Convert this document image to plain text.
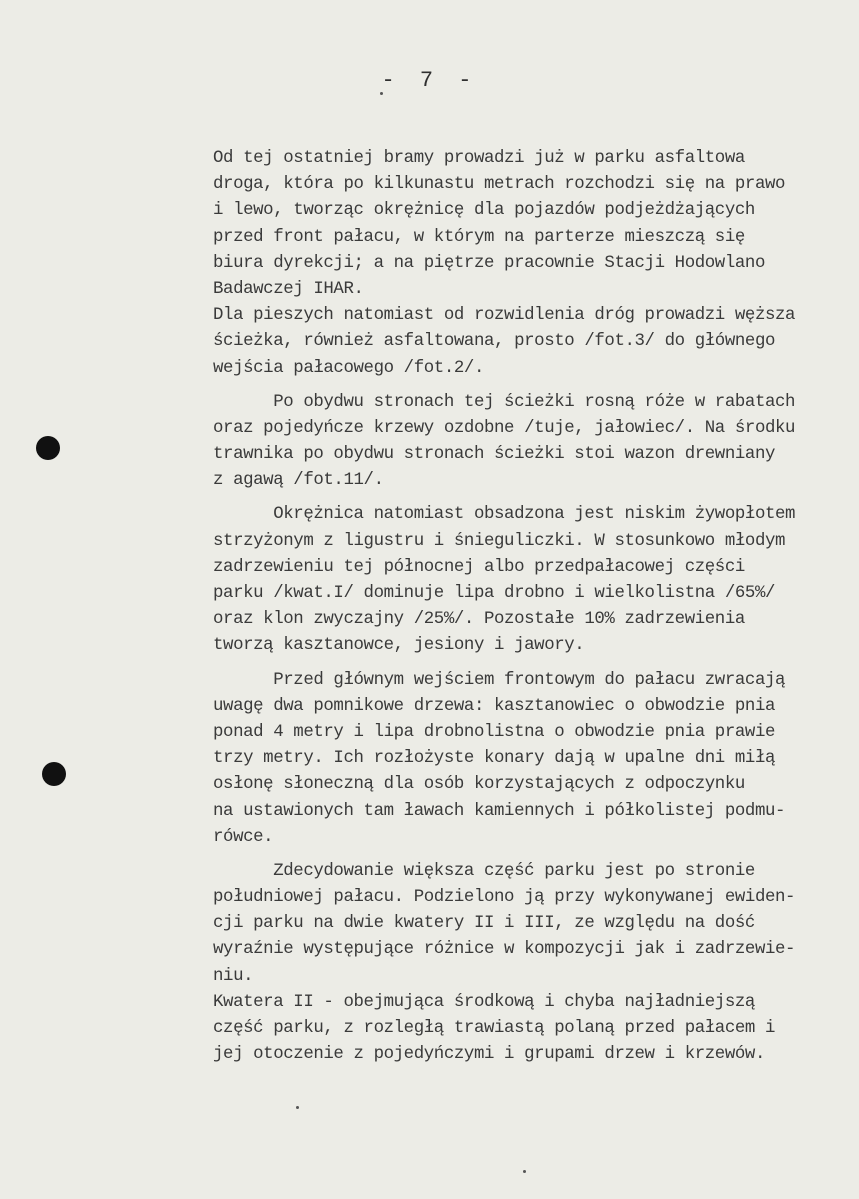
- 7 -
Od tej ostatniej bramy prowadzi już w parku asfaltowa
droga, która po kilkunastu metrach rozchodzi się na prawo
i lewo, tworząc okrężnicę dla pojazdów podjeżdżających
przed front pałacu, w którym na parterze mieszczą się
biura dyrekcji; a na piętrze pracownie Stacji Hodowlano
Badawczej IHAR.
Dla pieszych natomiast od rozwidlenia dróg prowadzi węższa
ścieżka, również asfaltowana, prosto /fot.3/ do głównego
wejścia pałacowego /fot.2/.
Po obydwu stronach tej ścieżki rosną róże w rabatach
oraz pojedyńcze krzewy ozdobne /tuje, jałowiec/. Na środku
trawnika po obydwu stronach ścieżki stoi wazon drewniany
z agawą /fot.11/.
Okrężnica natomiast obsadzona jest niskim żywopłotem
strzyżonym z ligustru i śnieguliczki. W stosunkowo młodym
zadrzewieniu tej północnej albo przedpałacowej części
parku /kwat.I/ dominuje lipa drobno i wielkolistna /65%/
oraz klon zwyczajny /25%/. Pozostałe 10% zadrzewienia
tworzą kasztanowce, jesiony i jawory.
Przed głównym wejściem frontowym do pałacu zwracają
uwagę dwa pomnikowe drzewa: kasztanowiec o obwodzie pnia
ponad 4 metry i lipa drobnolistna o obwodzie pnia prawie
trzy metry. Ich rozłożyste konary dają w upalne dni miłą
osłonę słoneczną dla osób korzystających z odpoczynku
na ustawionych tam ławach kamiennych i półkolistej podmu-
rówce.
Zdecydowanie większa część parku jest po stronie
południowej pałacu. Podzielono ją przy wykonywanej ewiden-
cji parku na dwie kwatery II i III, ze względu na dość
wyraźnie występujące różnice w kompozycji jak i zadrzewie-
niu.
Kwatera II - obejmująca środkową i chyba najładniejszą
część parku, z rozległą trawiastą polaną przed pałacem i
jej otoczenie z pojedyńczymi i grupami drzew i krzewów.
